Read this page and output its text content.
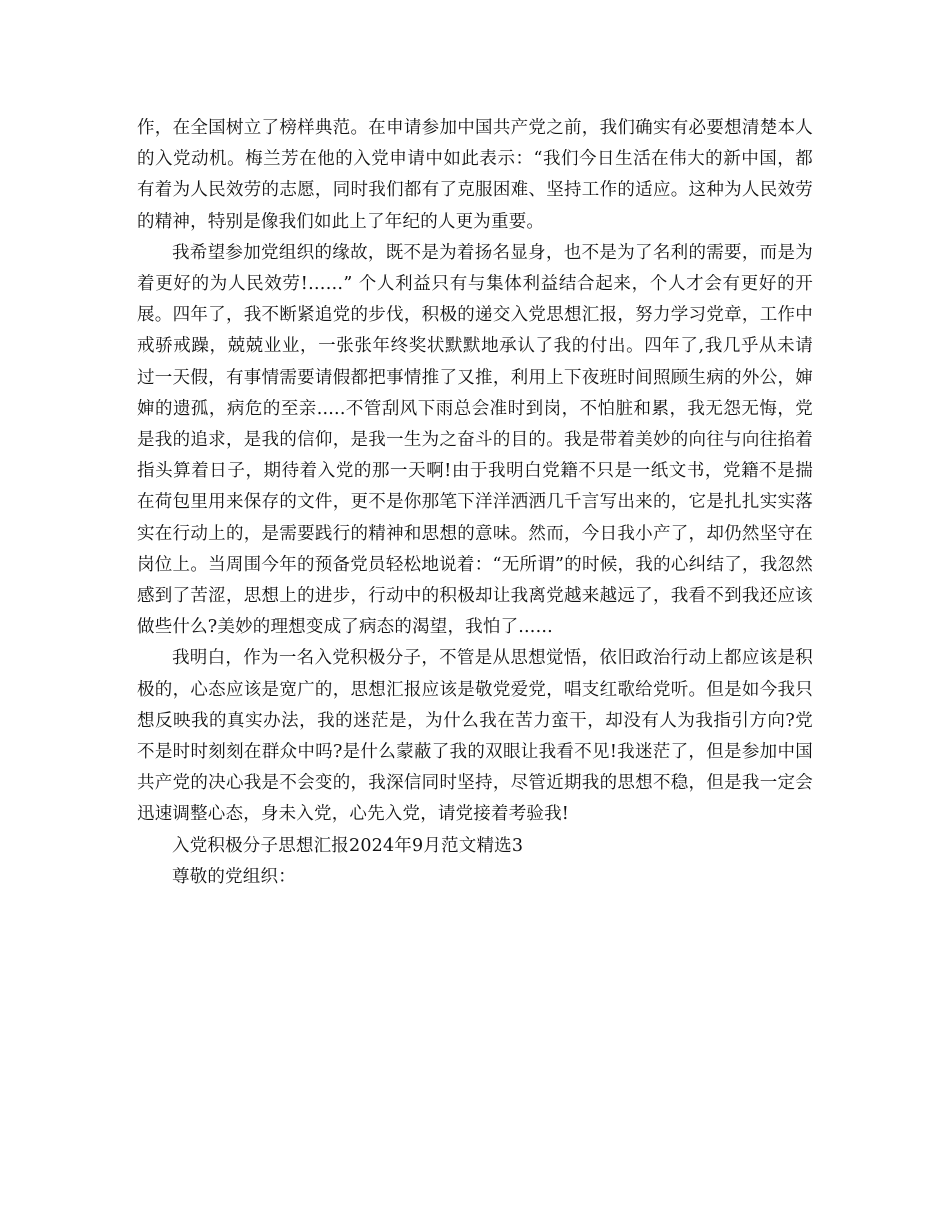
作，在全国树立了榜样典范。在申请参加中国共产党之前，我们确实有必要想清楚本人的入党动机。梅兰芳在他的入党申请中如此表示：“我们今日生活在伟大的新中国，都有着为人民效劳的志愿，同时我们都有了克服困难、坚持工作的适应。这种为人民效劳的精神，特别是像我们如此上了年纪的人更为重要。

我希望参加党组织的缘故，既不是为着扬名显身，也不是为了名利的需要，而是为着更好的为人民效劳!……” 个人利益只有与集体利益结合起来，个人才会有更好的开展。四年了，我不断紧追党的步伐，积极的递交入党思想汇报，努力学习党章，工作中戒骄戒躁，兢兢业业，一张张年终奖状默默地承认了我的付出。四年了,我几乎从未请过一天假，有事情需要请假都把事情推了又推，利用上下夜班时间照顾生病的外公，婶婶的遗孤，病危的至亲.....不管刮风下雨总会准时到岗，不怕脏和累，我无怨无悔，党是我的追求，是我的信仰，是我一生为之奋斗的目的。我是带着美妙的向往与向往掐着指头算着日子，期待着入党的那一天啊!由于我明白党籍不只是一纸文书，党籍不是揣在荷包里用来保存的文件，更不是你那笔下洋洋洒洒几千言写出来的，它是扎扎实实落实在行动上的，是需要践行的精神和思想的意味。然而，今日我小产了，却仍然坚守在岗位上。当周围今年的预备党员轻松地说着：“无所谓”的时候，我的心纠结了，我忽然感到了苦涩，思想上的进步，行动中的积极却让我离党越来越远了，我看不到我还应该做些什么?美妙的理想变成了病态的渴望，我怕了......

我明白，作为一名入党积极分子，不管是从思想觉悟，依旧政治行动上都应该是积极的，心态应该是宽广的，思想汇报应该是敬党爱党，唱支红歌给党听。但是如今我只想反映我的真实办法，我的迷茫是，为什么我在苦力蛮干，却没有人为我指引方向?党不是时时刻刻在群众中吗?是什么蒙蔽了我的双眼让我看不见!我迷茫了，但是参加中国共产党的决心我是不会变的，我深信同时坚持，尽管近期我的思想不稳，但是我一定会迅速调整心态，身未入党，心先入党，请党接着考验我!

入党积极分子思想汇报2024年9月范文精选3

尊敬的党组织：
